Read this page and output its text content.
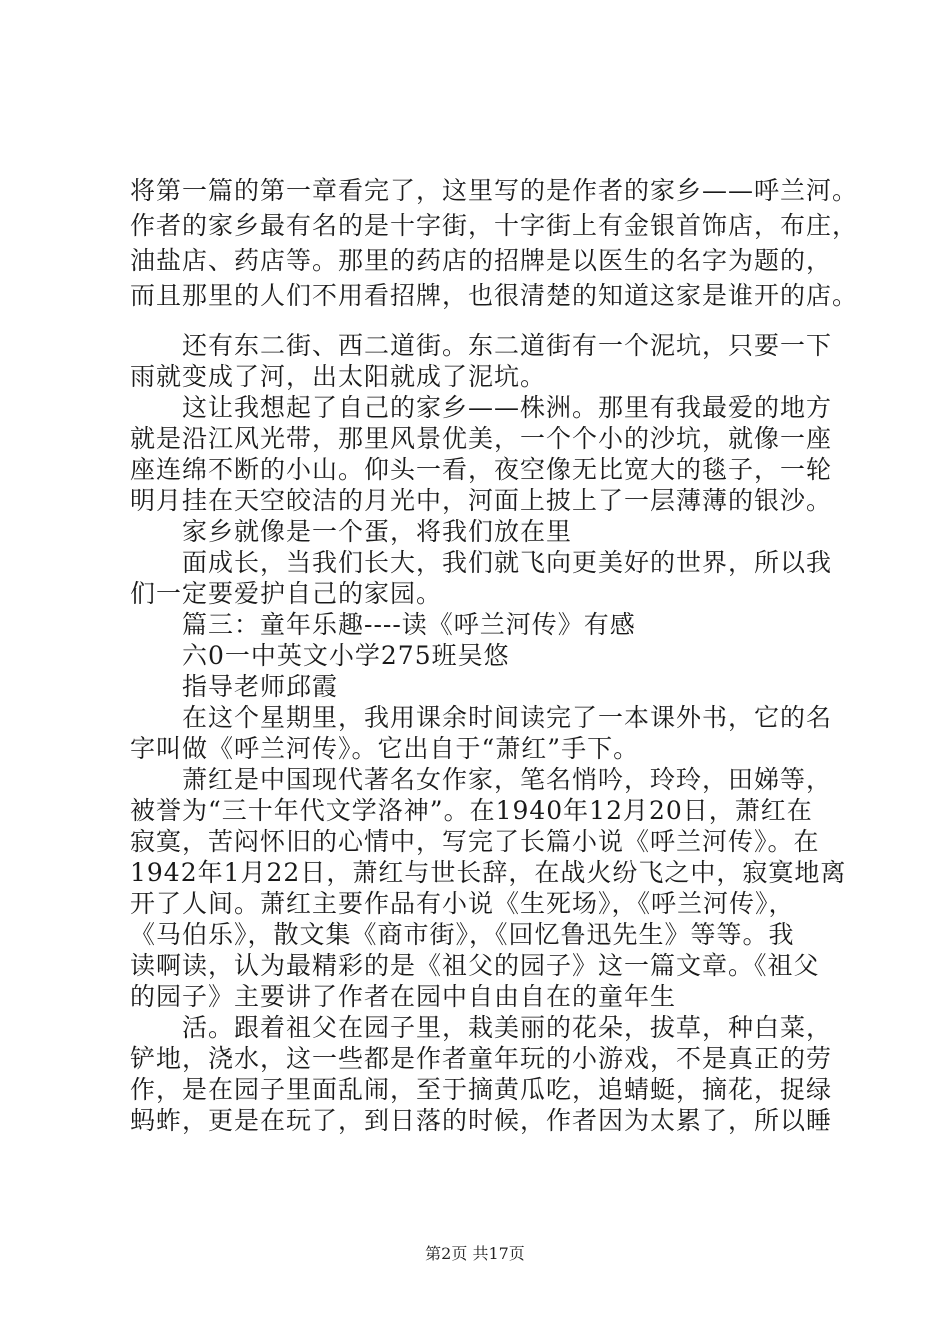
将第一篇的第一章看完了，这里写的是作者的家乡——呼兰河。
作者的家乡最有名的是十字街，十字街上有金银首饰店，布庄，
油盐店、药店等。那里的药店的招牌是以医生的名字为题的，
而且那里的人们不用看招牌，也很清楚的知道这家是谁开的店。
还有东二街、西二道街。东二道街有一个泥坑，只要一下
雨就变成了河，出太阳就成了泥坑。
这让我想起了自己的家乡——株洲。那里有我最爱的地方
就是沿江风光带，那里风景优美，一个个小的沙坑，就像一座
座连绵不断的小山。仰头一看，夜空像无比宽大的毯子，一轮
明月挂在天空皎洁的月光中，河面上披上了一层薄薄的银沙。
家乡就像是一个蛋，将我们放在里
面成长，当我们长大，我们就飞向更美好的世界，所以我
们一定要爱护自己的家园。
篇三：童年乐趣----读《呼兰河传》有感
六0一中英文小学275班吴悠
指导老师邱霞
在这个星期里，我用课余时间读完了一本课外书，它的名
字叫做《呼兰河传》。它出自于“萧红”手下。
萧红是中国现代著名女作家，笔名悄吟，玲玲，田娣等，
被誉为“三十年代文学洛神”。在1940年12月20日，萧红在
寂寞，苦闷怀旧的心情中，写完了长篇小说《呼兰河传》。在
1942年1月22日，萧红与世长辞，在战火纷飞之中，寂寞地离
开了人间。萧红主要作品有小说《生死场》，《呼兰河传》，
《马伯乐》，散文集《商市街》，《回忆鲁迅先生》等等。我
读啊读，认为最精彩的是《祖父的园子》这一篇文章。《祖父
的园子》主要讲了作者在园中自由自在的童年生
活。跟着祖父在园子里，栽美丽的花朵，拔草，种白菜，
铲地，浇水，这一些都是作者童年玩的小游戏，不是真正的劳
作，是在园子里面乱闹，至于摘黄瓜吃，追蜻蜓，摘花，捉绿
蚂蚱，更是在玩了，到日落的时候，作者因为太累了，所以睡
第2页 共17页
